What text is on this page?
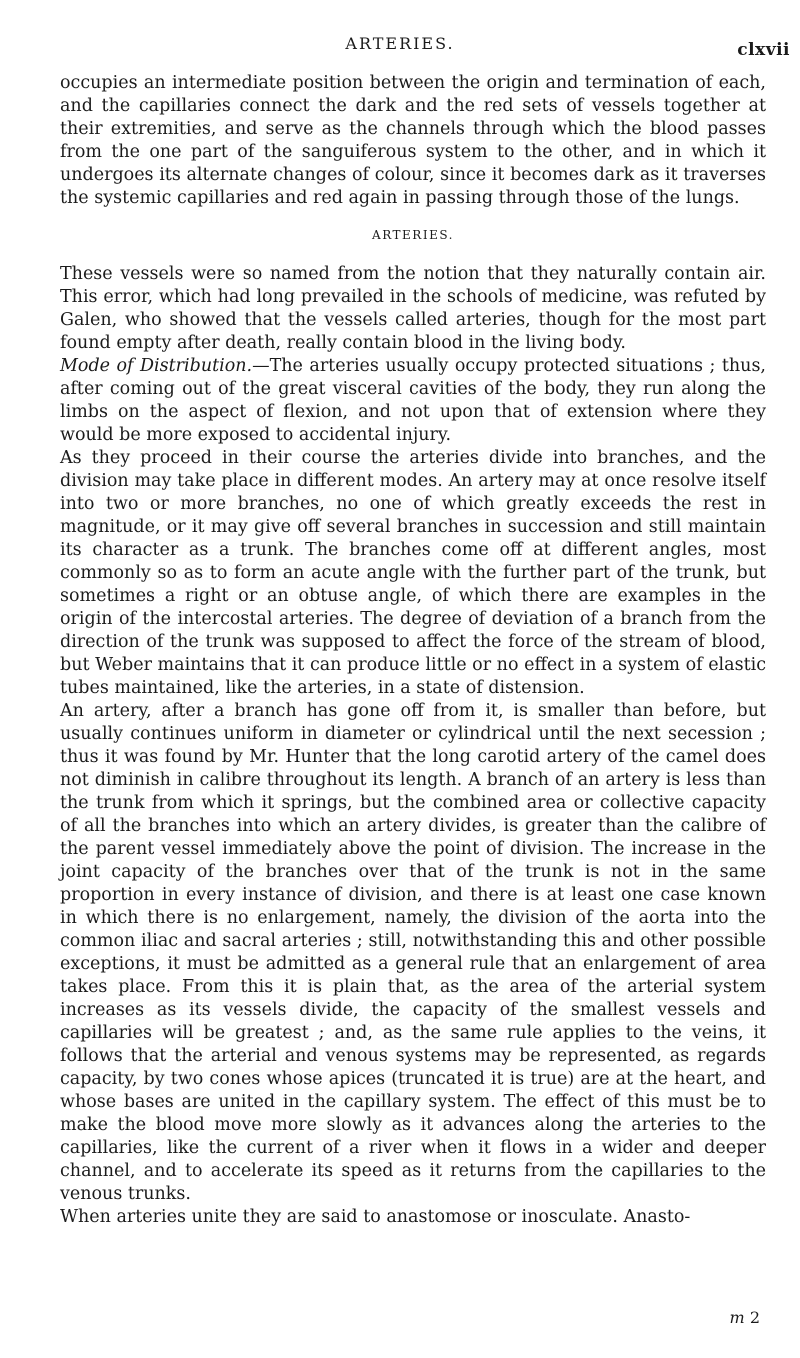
ARTERIES.	clxvii

occupies an intermediate position between the origin and termination of each, and the capillaries connect the dark and the red sets of vessels together at their extremities, and serve as the channels through which the blood passes from the one part of the sanguiferous system to the other, and in which it undergoes its alternate changes of colour, since it becomes dark as it traverses the systemic capillaries and red again in passing through those of the lungs.

ARTERIES.

These vessels were so named from the notion that they naturally contain air. This error, which had long prevailed in the schools of medicine, was refuted by Galen, who showed that the vessels called arteries, though for the most part found empty after death, really contain blood in the living body.

Mode of Distribution.—The arteries usually occupy protected situations ; thus, after coming out of the great visceral cavities of the body, they run along the limbs on the aspect of flexion, and not upon that of extension where they would be more exposed to accidental injury.

As they proceed in their course the arteries divide into branches, and the division may take place in different modes. An artery may at once resolve itself into two or more branches, no one of which greatly exceeds the rest in magnitude, or it may give off several branches in succession and still maintain its character as a trunk. The branches come off at different angles, most commonly so as to form an acute angle with the further part of the trunk, but sometimes a right or an obtuse angle, of which there are examples in the origin of the intercostal arteries. The degree of deviation of a branch from the direction of the trunk was supposed to affect the force of the stream of blood, but Weber maintains that it can produce little or no effect in a system of elastic tubes maintained, like the arteries, in a state of distension.

An artery, after a branch has gone off from it, is smaller than before, but usually continues uniform in diameter or cylindrical until the next secession ; thus it was found by Mr. Hunter that the long carotid artery of the camel does not diminish in calibre throughout its length. A branch of an artery is less than the trunk from which it springs, but the combined area or collective capacity of all the branches into which an artery divides, is greater than the calibre of the parent vessel immediately above the point of division. The increase in the joint capacity of the branches over that of the trunk is not in the same proportion in every instance of division, and there is at least one case known in which there is no enlargement, namely, the division of the aorta into the common iliac and sacral arteries ; still, notwithstanding this and other possible exceptions, it must be admitted as a general rule that an enlargement of area takes place. From this it is plain that, as the area of the arterial system increases as its vessels divide, the capacity of the smallest vessels and capillaries will be greatest ; and, as the same rule applies to the veins, it follows that the arterial and venous systems may be represented, as regards capacity, by two cones whose apices (truncated it is true) are at the heart, and whose bases are united in the capillary system. The effect of this must be to make the blood move more slowly as it advances along the arteries to the capillaries, like the current of a river when it flows in a wider and deeper channel, and to accelerate its speed as it returns from the capillaries to the venous trunks.

When arteries unite they are said to anastomose or inosculate. Anasto-

m 2
